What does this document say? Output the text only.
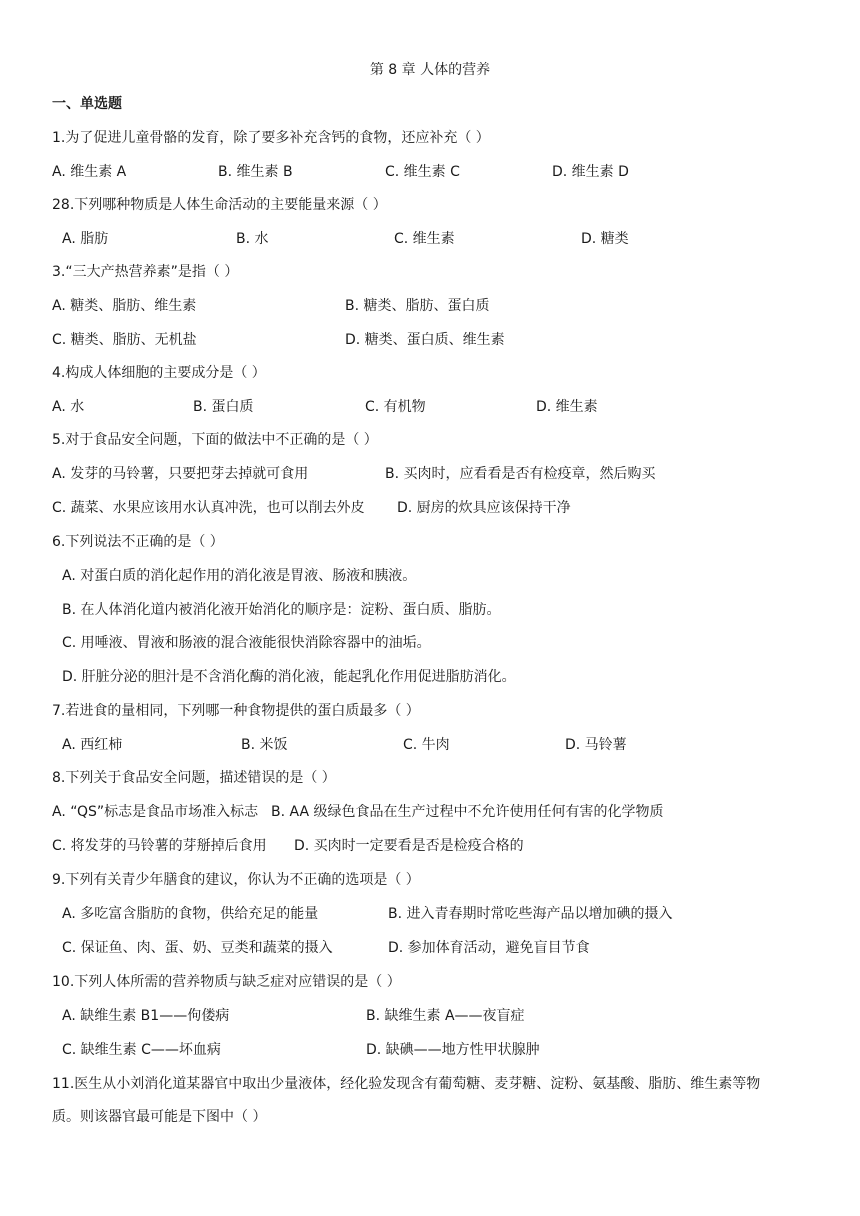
第 8 章 人体的营养
一、单选题
1.为了促进儿童骨骼的发育，除了要多补充含钙的食物，还应补充（ ）
A. 维生素 A	B. 维生素 B	C. 维生素 C	D. 维生素 D
28.下列哪种物质是人体生命活动的主要能量来源（ ）
A. 脂肪	B. 水	C. 维生素	D. 糖类
3.“三大产热营养素”是指（ ）
A. 糖类、脂肪、维生素	B. 糖类、脂肪、蛋白质
C. 糖类、脂肪、无机盐	D. 糖类、蛋白质、维生素
4.构成人体细胞的主要成分是（ ）
A. 水	B. 蛋白质	C. 有机物	D. 维生素
5.对于食品安全问题，下面的做法中不正确的是（ ）
A. 发芽的马铃薯，只要把芽去掉就可食用	B. 买肉时，应看看是否有检疫章，然后购买
C. 蔬菜、水果应该用水认真冲洗，也可以削去外皮 D. 厨房的炊具应该保持干净
6.下列说法不正确的是（ ）
A. 对蛋白质的消化起作用的消化液是胃液、肠液和胰液。
B. 在人体消化道内被消化液开始消化的顺序是：淀粉、蛋白质、脂肪。
C. 用唾液、胃液和肠液的混合液能很快消除容器中的油垢。
D. 肝脏分泌的胆汁是不含消化酶的消化液，能起乳化作用促进脂肪消化。
7.若进食的量相同，下列哪一种食物提供的蛋白质最多（ ）
A. 西红柿	B. 米饭	C. 牛肉	D. 马铃薯
8.下列关于食品安全问题，描述错误的是（ ）
A. “QS”标志是食品市场准入标志 B. AA 级绿色食品在生产过程中不允许使用任何有害的化学物质
C. 将发芽的马铃薯的芽掰掉后食用 D. 买肉时一定要看是否是检疫合格的
9.下列有关青少年膳食的建议，你认为不正确的选项是（ ）
A. 多吃富含脂肪的食物，供给充足的能量	B. 进入青春期时常吃些海产品以增加碘的摄入
C. 保证鱼、肉、蛋、奶、豆类和蔬菜的摄入	D. 参加体育活动，避免盲目节食
10.下列人体所需的营养物质与缺乏症对应错误的是（ ）
A. 缺维生素 B1——佝偻病	B. 缺维生素 A——夜盲症
C. 缺维生素 C——坏血病	D. 缺碘——地方性甲状腺肿
11.医生从小刘消化道某器官中取出少量液体，经化验发现含有葡萄糖、麦芽糖、淀粉、氨基酸、脂肪、维生素等物
质。则该器官最可能是下图中（ ）
